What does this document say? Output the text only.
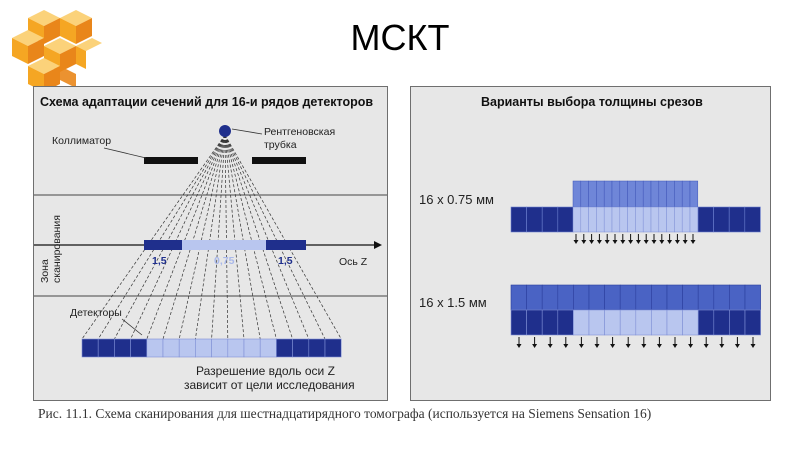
МСКТ
Схема адаптации сечений для 16-и рядов детекторов
Коллиматор
Рентгеновская
трубка
Зона сканирования	Ось Z
1,5	0,75	1,5
Детекторы
Разрешение вдоль оси Z
зависит от цели исследования
Варианты выбора толщины срезов
16 x 0.75 мм
16 x 1.5 мм
Рис. 11.1. Схема сканирования для шестнадцатирядного томографа (используется на Siemens Sensation 16)
